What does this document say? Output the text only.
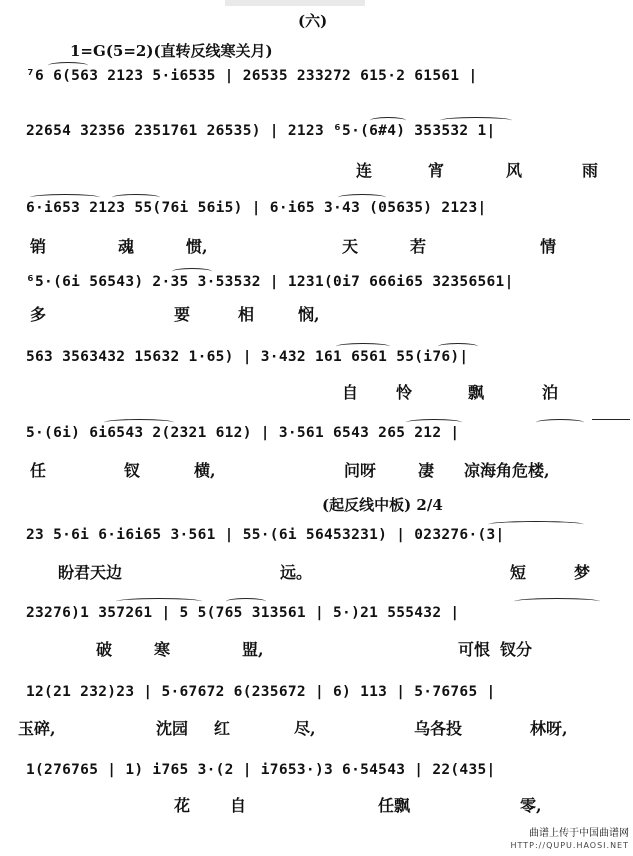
(六)
1=G(5=2)(直转反线寒关月)
⁷6 6(563 2123 5·i6535 | 26535 233272 615·2 61561 |
22654 32356 2351761 26535) | 2123 ⁶5·(6#4) 353532 1|
连	宵	风	雨
6·i653 2123 55(76i 56i5) | 6·i65 3·43 (05635) 2123|
销	魂	惯,	天	若	情
⁶5·(6i 56543) 2·35 3·53532 | 1231(0i7 666i65 32356561|
多	要	相	悯,
563 3563432 15632 1·65) | 3·432 161 6561 55(i76)|
自 怜	飘	泊
5·(6i) 6i6543 2(2321 612) | 3·561 6543 265 212 |
任	钗	横,	问呀	凄 凉海角危楼,
(起反线中板) 2/4
23 5·6i 6·i6i65 3·561 | 55·(6i 56453231) | 023276·(3|
盼君天边	远。	短	梦
23276)1 357261 | 5 5(765 313561 | 5·)21 555432 |
破	寒	盟,	可恨 钗分
12(21 232)23 | 5·67672 6(235672 | 6) 113 | 5·76765 |
玉碎,	沈园 红	尽,	乌各投	林呀,
1(276765 | 1) i765 3·(2 | i7653·)3 6·54543 | 22(435|
花 自	任飘	零,
曲谱上传于中国曲谱网
HTTP://QUPU.HAOSI.NET
